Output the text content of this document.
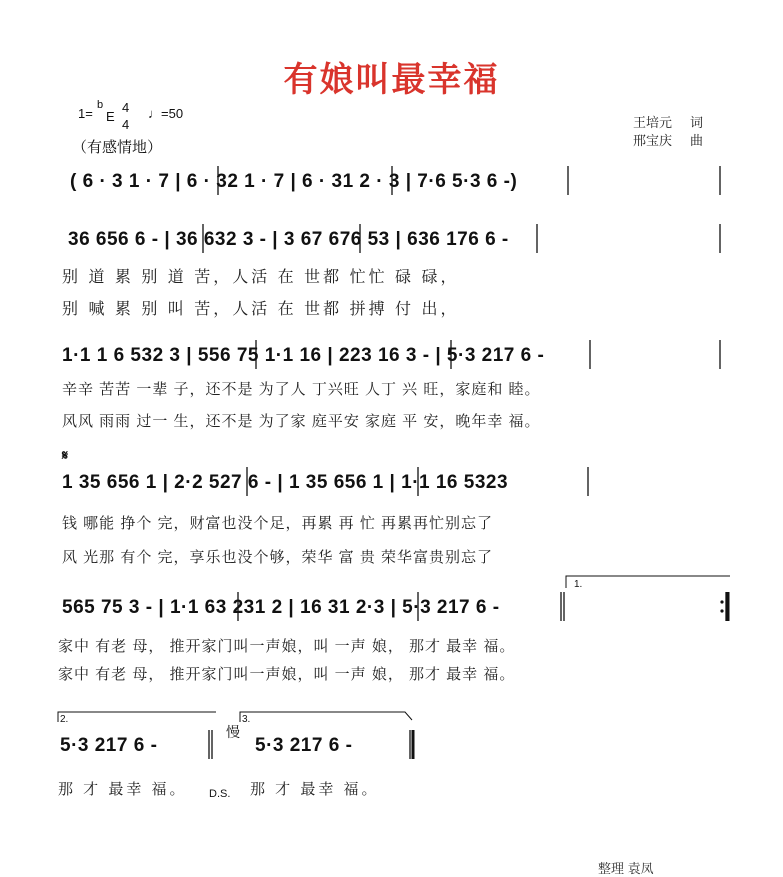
有娘叫最幸福
1=
b
E
4
4
♩=50
（有感情地）
王培元 词
邢宝庆 曲
( 6 · 3 1 · 7 | 6 · 32 1 · 7 | 6 · 31 2 · 3 | 7·6 5·3 6 -)
36 656 6 - | 36 632 3 - | 3 67 676 53 | 636 176 6 -
别 道 累 别 道 苦，人活 在 世都 忙忙 碌 碌，
别 喊 累 别 叫 苦，人活 在 世都 拼搏 付 出，
1·1 1 6 532 3 | 556 75 1·1 16 | 223 16 3 - | 5·3 217 6 -
辛辛 苦苦 一辈 子，还不是 为了人 丁兴旺 人丁 兴 旺，家庭和 睦。
风风 雨雨 过一 生，还不是 为了家 庭平安 家庭 平 安，晚年幸 福。
𝄋
1 35 656 1 | 2·2 527 6 - | 1 35 656 1 | 1·1 16 5323
钱 哪能 挣个 完，财富也没个足，再累 再 忙 再累再忙别忘了
风 光那 有个 完，享乐也没个够，荣华 富 贵 荣华富贵别忘了
565 75 3 - | 1·1 63 231 2 | 16 31 2·3 | 5·3 217 6 -
家中 有老 母， 推开家门叫一声娘，叫 一声 娘， 那才 最幸 福。
家中 有老 母， 推开家门叫一声娘，叫 一声 娘， 那才 最幸 福。
2.
5·3 217 6 -
慢
3.
5·3 217 6 -
那 才 最幸 福。 D.S. 那 才 最幸 福。
整理 袁凤
1.
